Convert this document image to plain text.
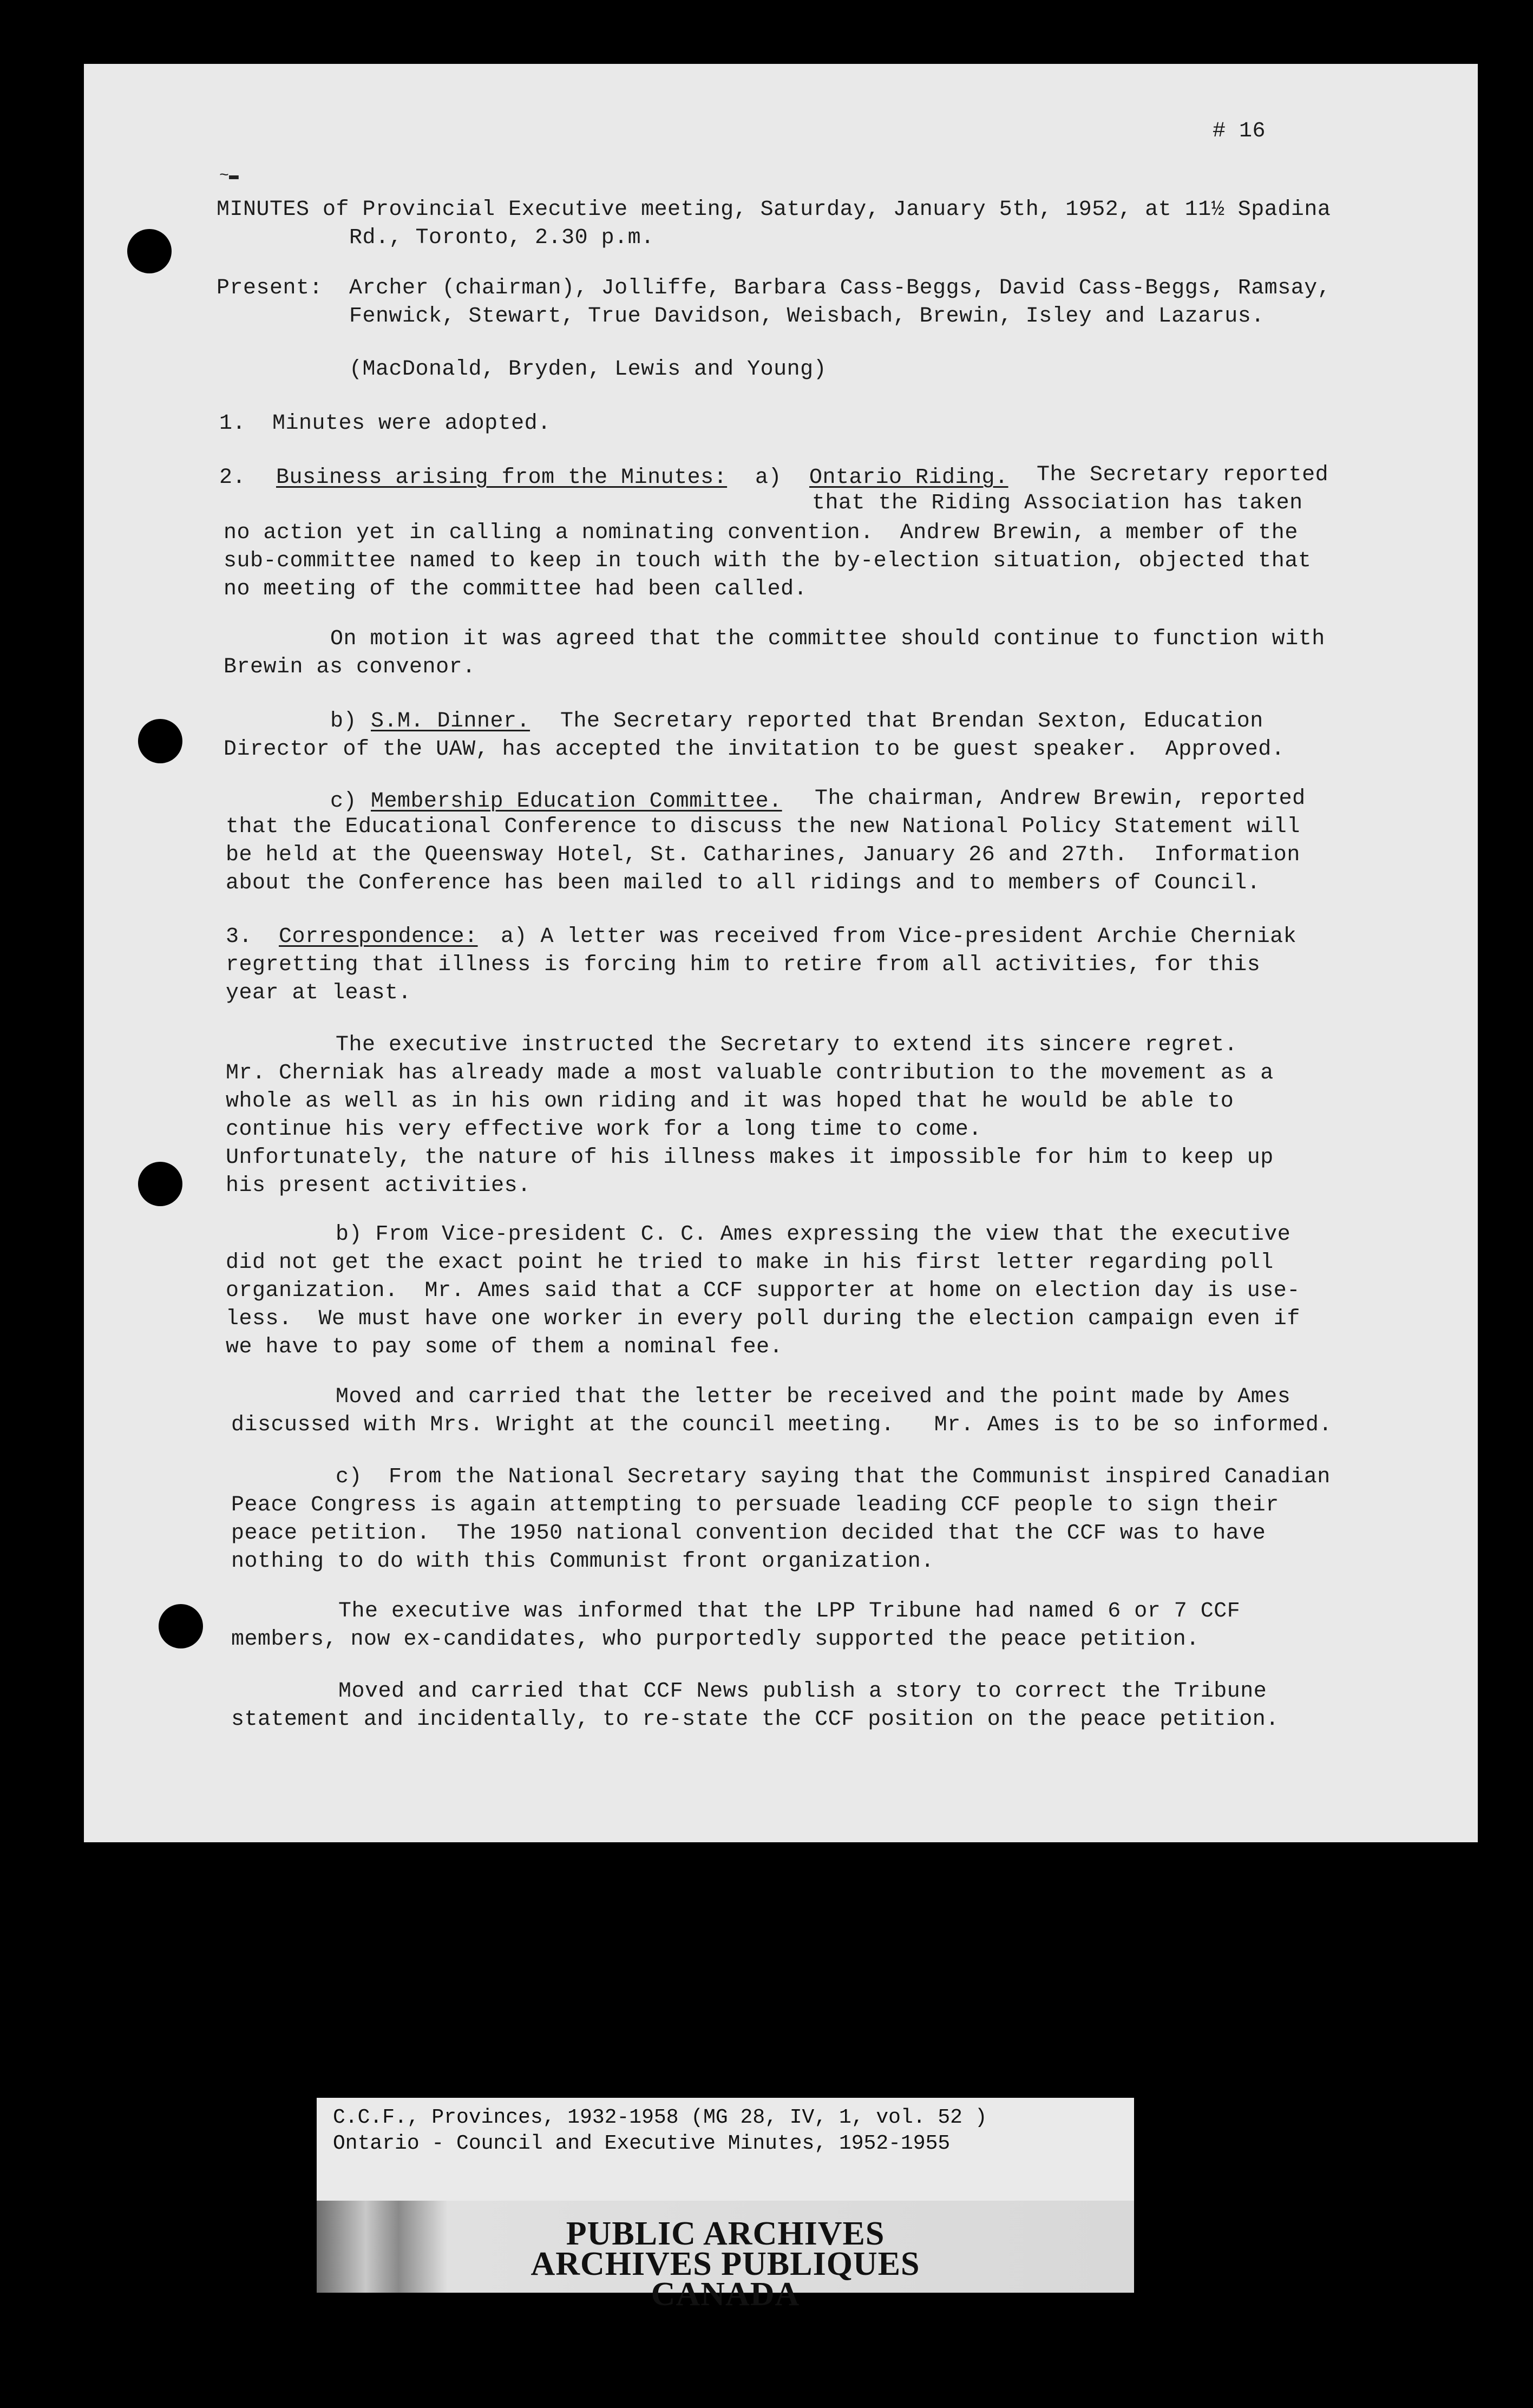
~▬
# 16
MINUTES of Provincial Executive meeting, Saturday, January 5th, 1952, at 11½ Spadina
Rd., Toronto, 2.30 p.m.
Present: Archer (chairman), Jolliffe, Barbara Cass-Beggs, David Cass-Beggs, Ramsay,
Fenwick, Stewart, True Davidson, Weisbach, Brewin, Isley and Lazarus.
(MacDonald, Bryden, Lewis and Young)
1.  Minutes were adopted.
2. Business arising from the Minutes: a) Ontario Riding. The Secretary reported
that the Riding Association has taken
no action yet in calling a nominating convention.  Andrew Brewin, a member of the
sub-committee named to keep in touch with the by-election situation, objected that
no meeting of the committee had been called.
On motion it was agreed that the committee should continue to function with
Brewin as convenor.
b) S.M. Dinner. The Secretary reported that Brendan Sexton, Education
Director of the UAW, has accepted the invitation to be guest speaker.  Approved.
c) Membership Education Committee. The chairman, Andrew Brewin, reported
that the Educational Conference to discuss the new National Policy Statement will
be held at the Queensway Hotel, St. Catharines, January 26 and 27th.  Information
about the Conference has been mailed to all ridings and to members of Council.
3. Correspondence: a) A letter was received from Vice-president Archie Cherniak
regretting that illness is forcing him to retire from all activities, for this
year at least.
The executive instructed the Secretary to extend its sincere regret.
Mr. Cherniak has already made a most valuable contribution to the movement as a
whole as well as in his own riding and it was hoped that he would be able to
continue his very effective work for a long time to come.
Unfortunately, the nature of his illness makes it impossible for him to keep up
his present activities.
b) From Vice-president C. C. Ames expressing the view that the executive
did not get the exact point he tried to make in his first letter regarding poll
organization.  Mr. Ames said that a CCF supporter at home on election day is use-
less.  We must have one worker in every poll during the election campaign even if
we have to pay some of them a nominal fee.
Moved and carried that the letter be received and the point made by Ames
discussed with Mrs. Wright at the council meeting.   Mr. Ames is to be so informed.
c)  From the National Secretary saying that the Communist inspired Canadian
Peace Congress is again attempting to persuade leading CCF people to sign their
peace petition.  The 1950 national convention decided that the CCF was to have
nothing to do with this Communist front organization.
The executive was informed that the LPP Tribune had named 6 or 7 CCF
members, now ex-candidates, who purportedly supported the peace petition.
Moved and carried that CCF News publish a story to correct the Tribune
statement and incidentally, to re-state the CCF position on the peace petition.
C.C.F., Provinces, 1932-1958 (MG 28, IV, 1, vol. 52 )
Ontario - Council and Executive Minutes, 1952-1955
PUBLIC ARCHIVES
ARCHIVES PUBLIQUES
CANADA
